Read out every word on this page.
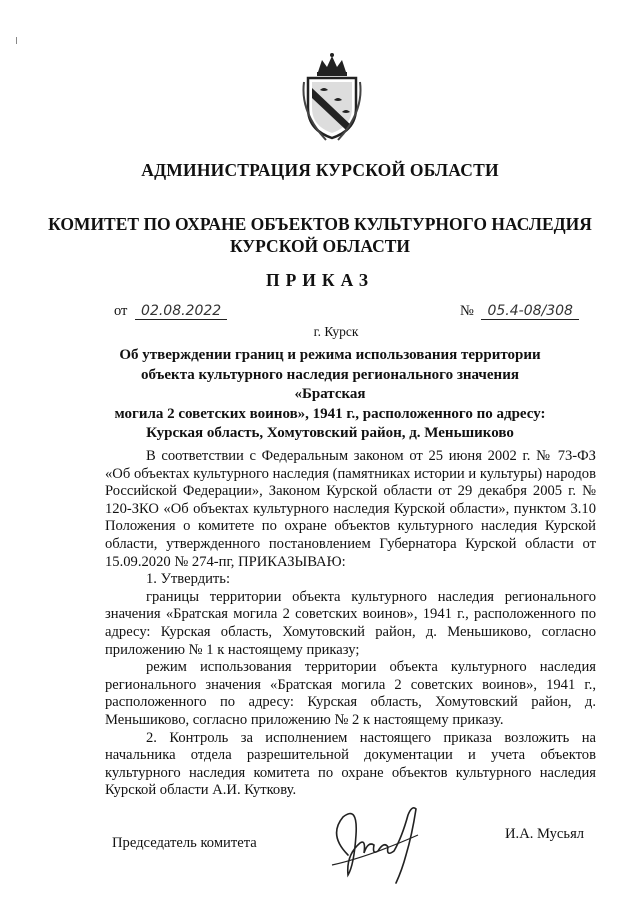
АДМИНИСТРАЦИЯ КУРСКОЙ ОБЛАСТИ
КОМИТЕТ ПО ОХРАНЕ ОБЪЕКТОВ КУЛЬТУРНОГО НАСЛЕДИЯ
КУРСКОЙ ОБЛАСТИ
ПРИКАЗ
от 02.08.2022	№ 05.4-08/308
г. Курск
Об утверждении границ и режима использования территории
объекта культурного наследия регионального значения «Братская
могила 2 советских воинов», 1941 г., расположенного по адресу:
Курская область, Хомутовский район, д. Меньшиково

В соответствии с Федеральным законом от 25 июня 2002 г. № 73-ФЗ «Об объектах культурного наследия (памятниках истории и культуры) народов Российской Федерации», Законом Курской области от 29 декабря 2005 г. № 120-ЗКО «Об объектах культурного наследия Курской области», пунктом 3.10 Положения о комитете по охране объектов культурного наследия Курской области, утвержденного постановлением Губернатора Курской области от 15.09.2020 № 274-пг, ПРИКАЗЫВАЮ:

1. Утвердить:

границы территории объекта культурного наследия регионального значения «Братская могила 2 советских воинов», 1941 г., расположенного по адресу: Курская область, Хомутовский район, д. Меньшиково, согласно приложению № 1 к настоящему приказу;

режим использования территории объекта культурного наследия регионального значения «Братская могила 2 советских воинов», 1941 г., расположенного по адресу: Курская область, Хомутовский район, д. Меньшиково, согласно приложению № 2 к настоящему приказу.

2. Контроль за исполнением настоящего приказа возложить на начальника отдела разрешительной документации и учета объектов культурного наследия комитета по охране объектов культурного наследия Курской области А.И. Куткову.

Председатель комитета
И.А. Мусьял
